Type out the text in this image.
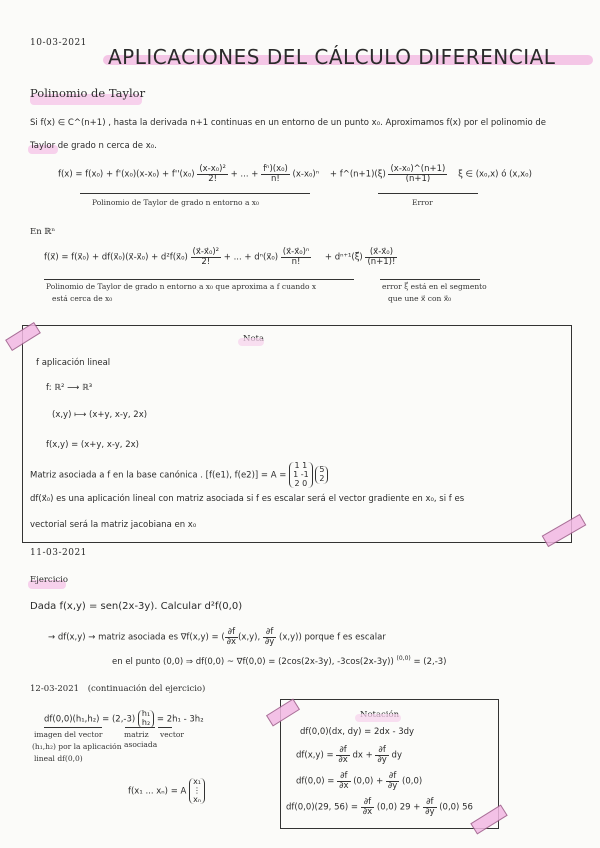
10-03-2021
APLICACIONES DEL CÁLCULO DIFERENCIAL
Polinomio de Taylor
Si f(x) ∈ C^(n+1) , hasta la derivada n+1 continuas en un entorno de un punto x₀. Aproximamos f(x) por el polinomio de
Taylor de grado n cerca de x₀.
$f(x) = f(x_0) + f'(x_0)(x-x_0) + f''(x_0) \frac{\text{(x-x₀)²}}{2!}$ + ... + $\frac{\text{fⁿ)(x₀)}}{n!} (x-x_0)^n$ + f^(n+1)(ξ) $\frac{\text{(x-x₀)\textasciicircum{}(n+1)}}{(n+1)}$ ξ ∈ (x₀,x) ó (x,x₀)
Polinomio de Taylor de grado n entorno a x₀	Error
En ℝⁿ
f(x⃗) = f(x⃗₀) + df(x⃗₀)(x⃗-x⃗₀) + d²f(x⃗₀) $\frac{\text{(x⃗-x⃗₀)²}}{2!}$ + ... + dⁿ(x⃗₀) $\frac{\text{(x⃗-x⃗₀)ⁿ}}{n!}$ + dⁿ⁺¹(ξ⃗) $\frac{\text{(x⃗-x⃗₀)}}{(n+1)!}$
Polinomio de Taylor de grado n entorno a x₀ que aproxima a f cuando x
está cerca de x₀
error ξ⃗ está en el segmento
que une x⃗ con x⃗₀
f aplicación lineal
f: ℝ² ⟶ ℝ³
(x,y) ⟼ (x+y, x-y, 2x)
f(x,y) = (x+y, x-y, 2x)
Matriz asociada a f en la base canónica . [f(e1), f(e2)] = A =
1 1
1 -1
2 0

5
2
df(x⃗₀) es una aplicación lineal con matriz asociada si f es escalar será el vector gradiente en x₀, si f es
vectorial será la matriz jacobiana en x₀
11-03-2021
Ejercicio
Dada f(x,y) = sen(2x-3y). Calcular d²f(0,0)
→ df(x,y) → matriz asociada es ∇f(x,y) = ( $\frac{\partial f}{\partial x} (x,y)$, $\frac{\partial f}{\partial y} (x,y)$) porque f es escalar
en el punto (0,0) ⇒ df(0,0) ~ ∇f(0,0) = (2cos(2x-3y), -3cos(2x-3y)) $^{(0,0)}$ = (2,-3)
12-03-2021 (continuación del ejercicio)
df(0,0)(h₁,h₂) = (2,-3)
h₁
h₂ = 2h₁ - 3h₂
imagen del vector
(h₁,h₂) por la aplicación
lineal df(0,0)
matriz
asociada
vector
f(x₁ ... xₙ) = A
x₁
⋮
xₙ
df(0,0)(dx, dy) = 2dx - 3dy
$df(x,y) = \frac{\partial f}{\partial x}$ dx + $\frac{\partial f}{\partial y}$ dy
$df(0,0) = \frac{\partial f}{\partial x} (0,0) + \frac{\partial f}{\partial y} (0,0)$
df(0,0)(29, $56) = \frac{\partial f}{\partial x} (0,0) 29 + \frac{\partial f}{\partial y} (0,0)$ 56
